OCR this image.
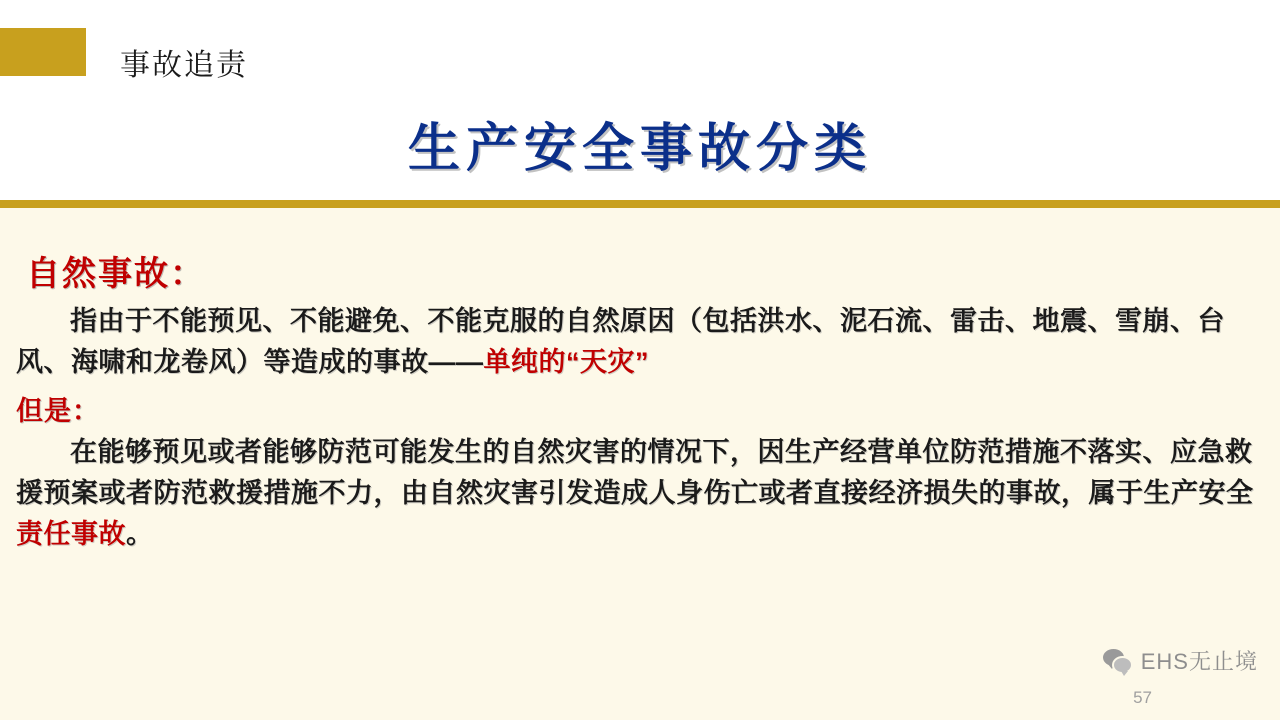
事故追责
生产安全事故分类
自然事故：

指由于不能预见、不能避免、不能克服的自然原因（包括洪水、泥石流、雷击、地震、雪崩、台风、海啸和龙卷风）等造成的事故——单纯的“天灾”

但是：

在能够预见或者能够防范可能发生的自然灾害的情况下，因生产经营单位防范措施不落实、应急救援预案或者防范救援措施不力，由自然灾害引发造成人身伤亡或者直接经济损失的事故，属于生产安全责任事故。

EHS无止境
57
